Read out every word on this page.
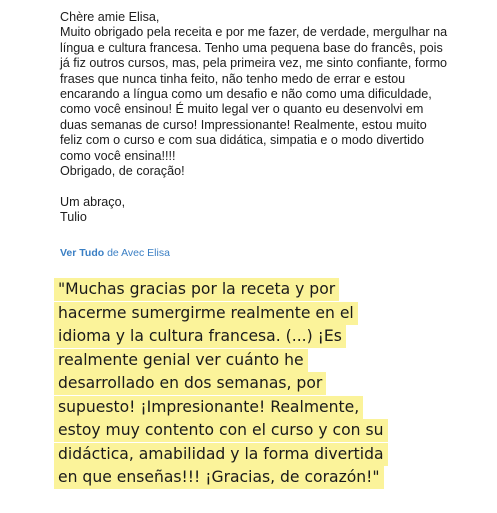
Chère amie Elisa,

Muito obrigado pela receita e por me fazer, de verdade, mergulhar na

língua e cultura francesa. Tenho uma pequena base do francês, pois

já fiz outros cursos, mas, pela primeira vez, me sinto confiante, formo

frases que nunca tinha feito, não tenho medo de errar e estou

encarando a língua como um desafio e não como uma dificuldade,

como você ensinou! É muito legal ver o quanto eu desenvolvi em

duas semanas de curso! Impressionante! Realmente, estou muito

feliz com o curso e com sua didática, simpatia e o modo divertido

como você ensina!!!!

Obrigado, de coração!

Um abraço,

Tulio

Ver Tudo de Avec Elisa
"Muchas gracias por la receta y por
hacerme sumergirme realmente en el
idioma y la cultura francesa. (...) ¡Es
realmente genial ver cuánto he
desarrollado en dos semanas, por
supuesto! ¡Impresionante! Realmente,
estoy muy contento con el curso y con su
didáctica, amabilidad y la forma divertida
en que enseñas!!! ¡Gracias, de corazón!"
